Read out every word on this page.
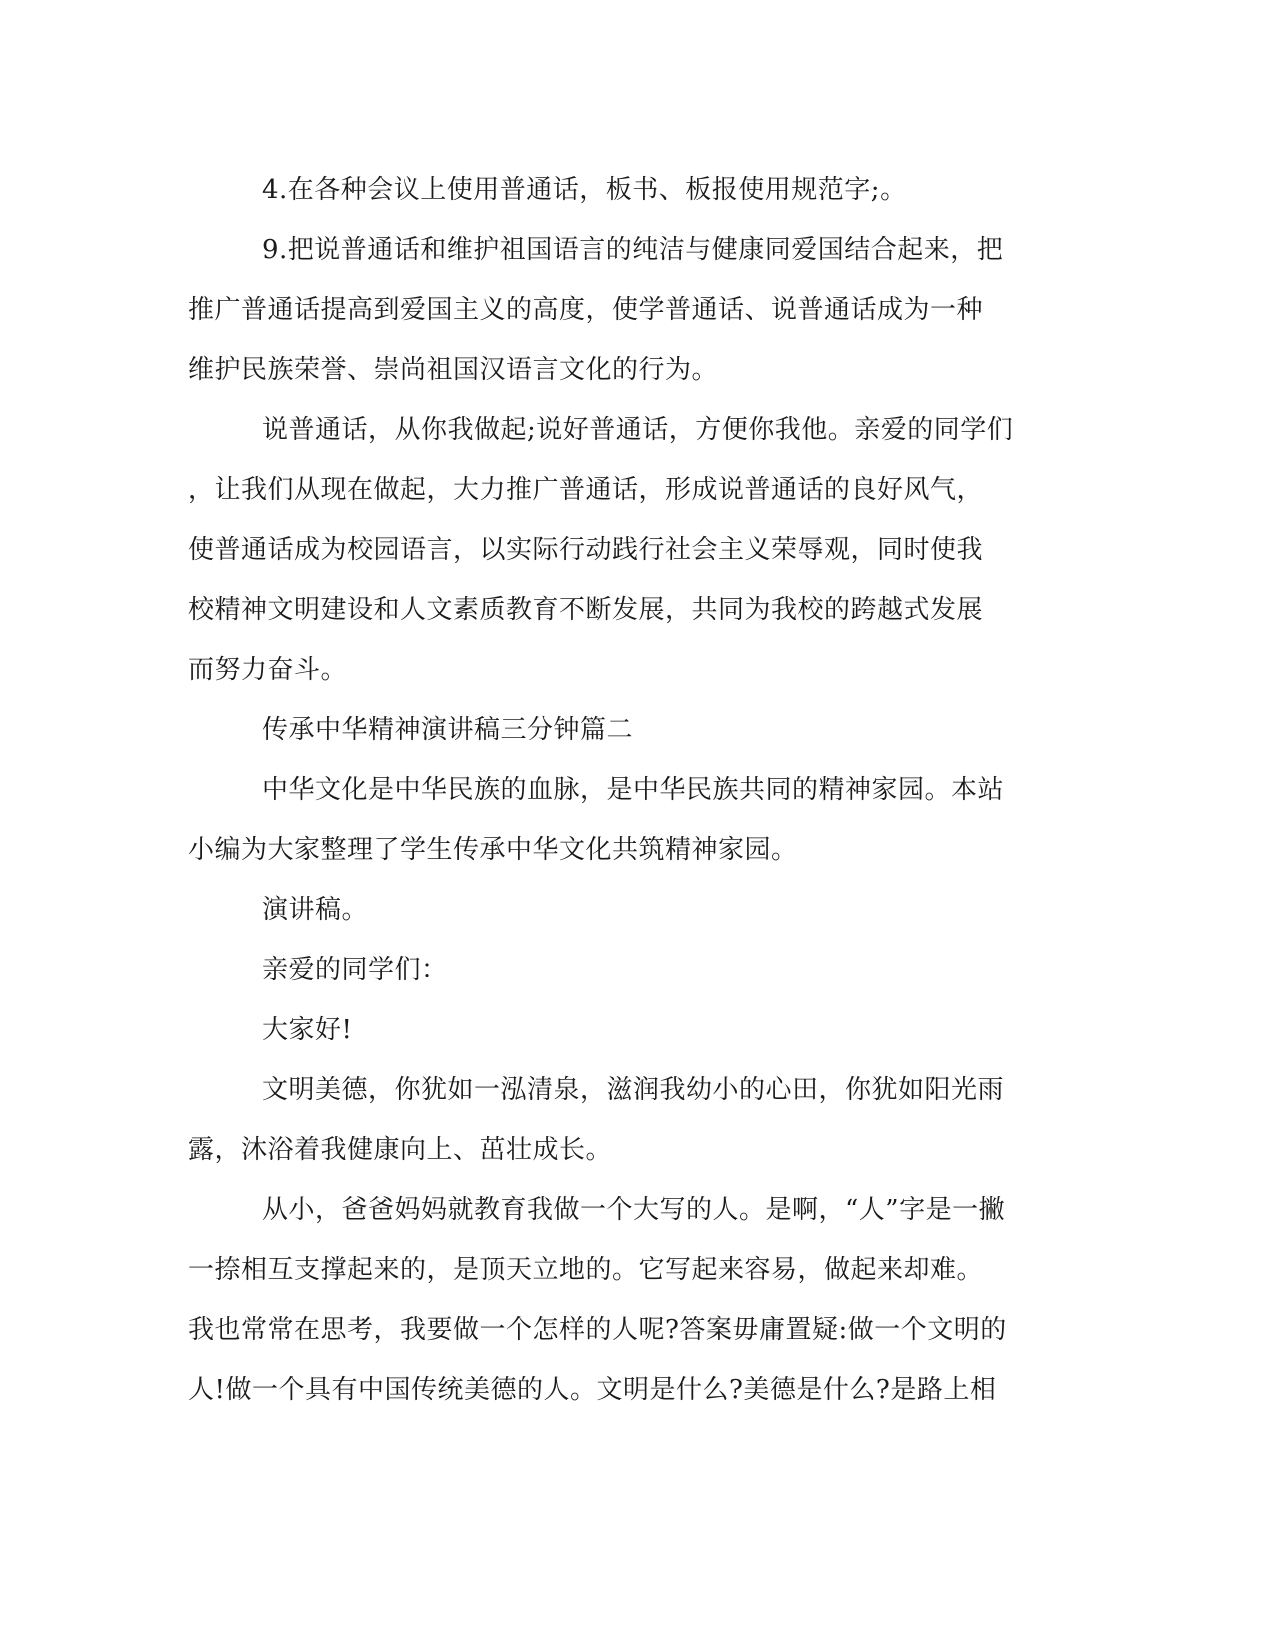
4.在各种会议上使用普通话，板书、板报使用规范字;。
9.把说普通话和维护祖国语言的纯洁与健康同爱国结合起来，把
推广普通话提高到爱国主义的高度，使学普通话、说普通话成为一种
维护民族荣誉、崇尚祖国汉语言文化的行为。
说普通话，从你我做起;说好普通话，方便你我他。亲爱的同学们
，让我们从现在做起，大力推广普通话，形成说普通话的良好风气，
使普通话成为校园语言，以实际行动践行社会主义荣辱观，同时使我
校精神文明建设和人文素质教育不断发展，共同为我校的跨越式发展
而努力奋斗。
传承中华精神演讲稿三分钟篇二
中华文化是中华民族的血脉，是中华民族共同的精神家园。本站
小编为大家整理了学生传承中华文化共筑精神家园。
演讲稿。
亲爱的同学们：
大家好!
文明美德，你犹如一泓清泉，滋润我幼小的心田，你犹如阳光雨
露，沐浴着我健康向上、茁壮成长。
从小，爸爸妈妈就教育我做一个大写的人。是啊，“人”字是一撇
一捺相互支撑起来的，是顶天立地的。它写起来容易，做起来却难。
我也常常在思考，我要做一个怎样的人呢?答案毋庸置疑:做一个文明的
人!做一个具有中国传统美德的人。文明是什么?美德是什么?是路上相
